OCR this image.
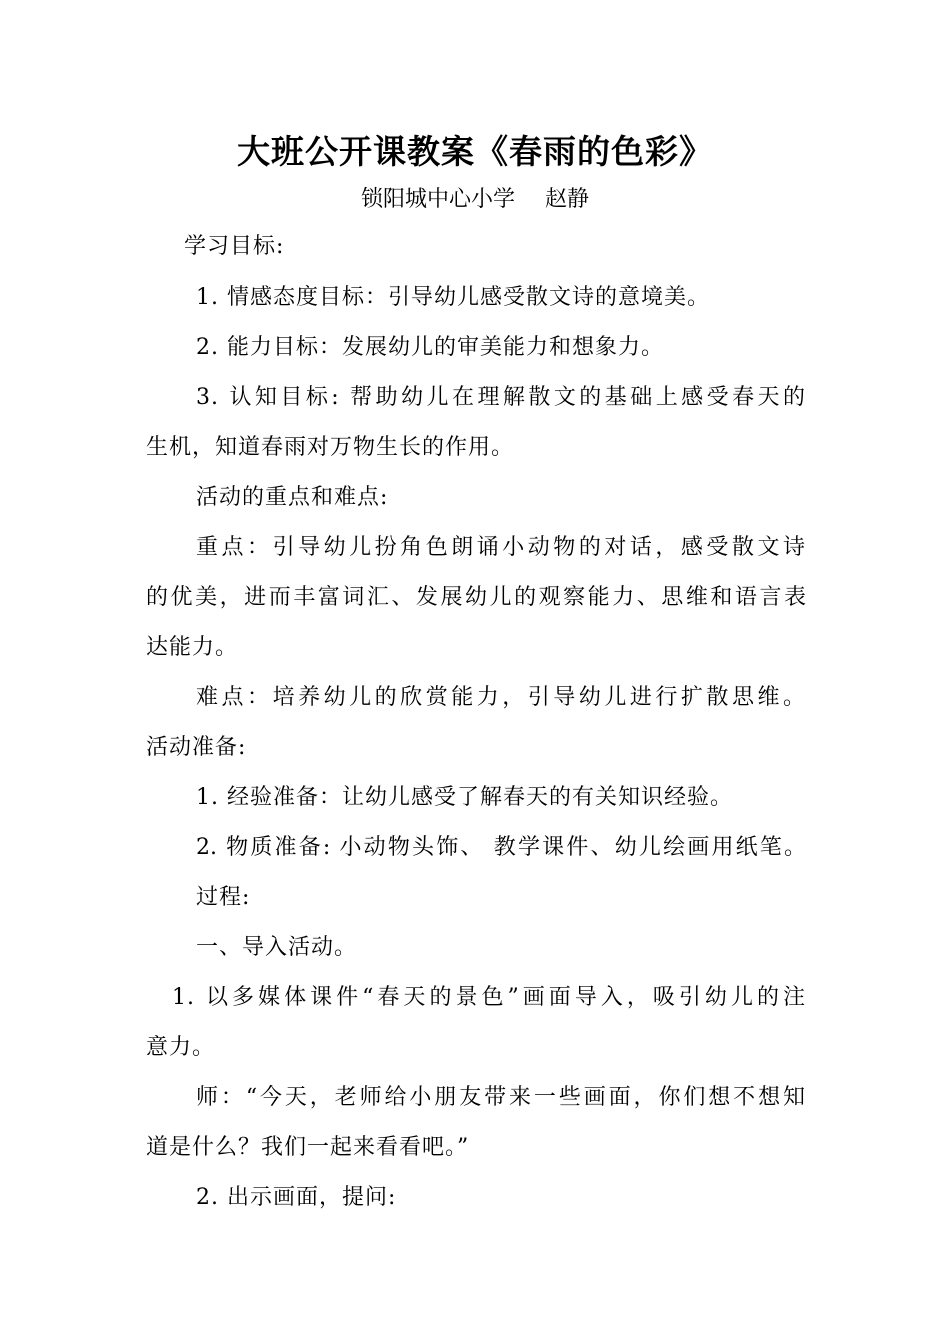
大班公开课教案《春雨的色彩》
锁阳城中心小学 赵静
学习目标:
1. 情感态度目标：引导幼儿感受散文诗的意境美。
2. 能力目标：发展幼儿的审美能力和想象力。
3. 认知目标: 帮助幼儿在理解散文的基础上感受春天的
生机，知道春雨对万物生长的作用。
活动的重点和难点:
重点：引导幼儿扮角色朗诵小动物的对话，感受散文诗
的优美，进而丰富词汇、发展幼儿的观察能力、思维和语言表
达能力。
难点：培养幼儿的欣赏能力，引导幼儿进行扩散思维。
活动准备:
1. 经验准备：让幼儿感受了解春天的有关知识经验。
2. 物质准备: 小动物头饰、 教学课件、幼儿绘画用纸笔。
过程:
一、导入活动。
1. 以多媒体课件“春天的景色”画面导入，吸引幼儿的注
意力。
师：“今天，老师给小朋友带来一些画面，你们想不想知
道是什么？我们一起来看看吧。”
2. 出示画面，提问:
